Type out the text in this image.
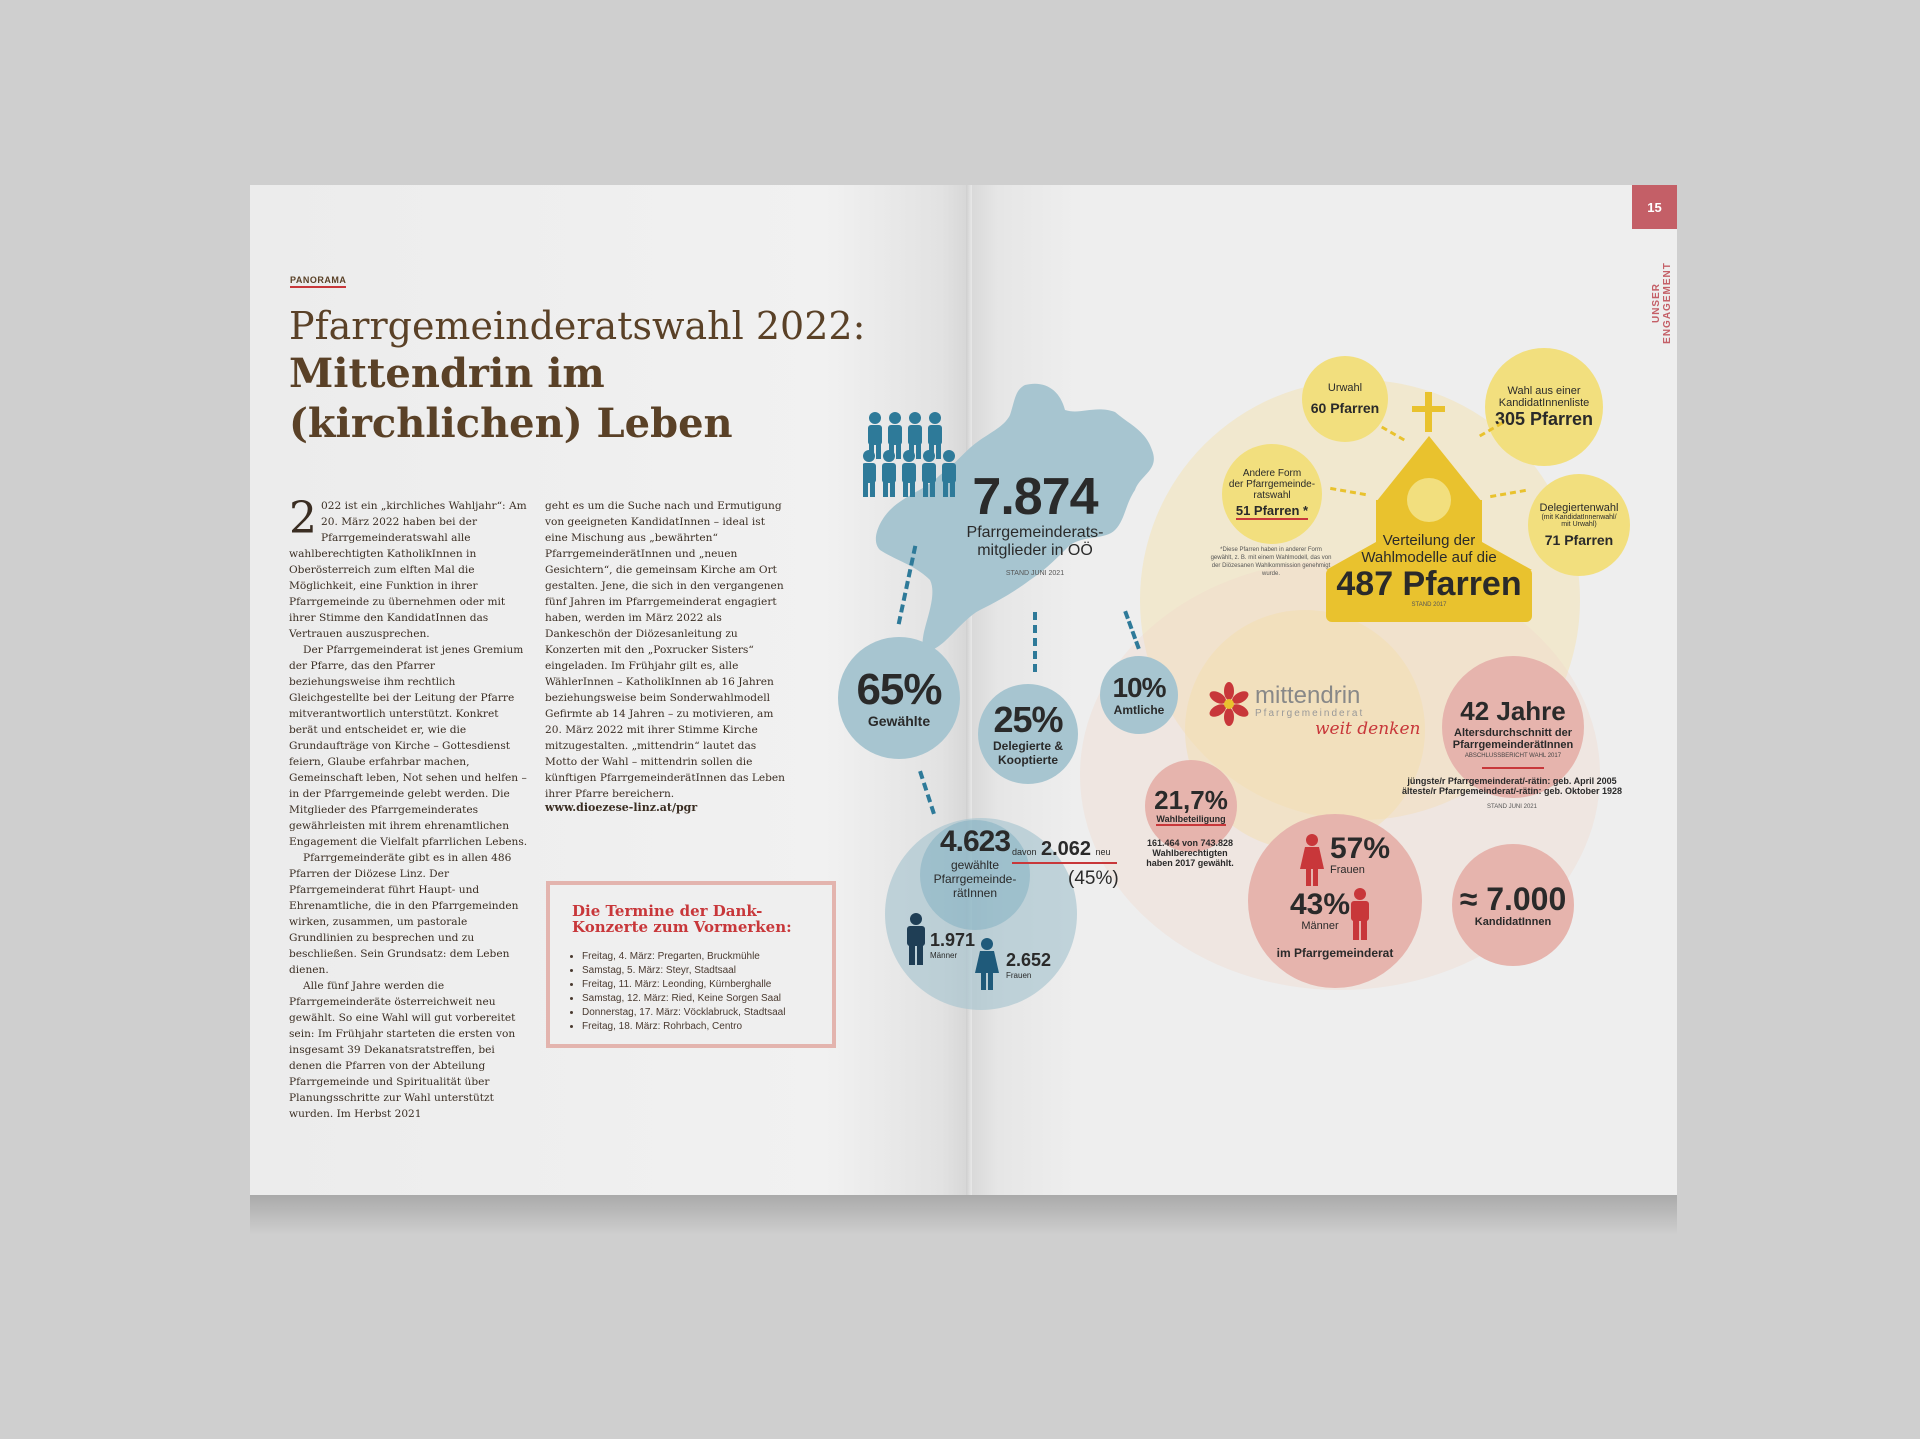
PANORAMA
Pfarrgemeinderatswahl 2022:
Mittendrin im
(kirchlichen) Leben

2 022 ist ein „kirchliches Wahljahr“: Am 20. März 2022 haben bei der Pfarrgemeinderatswahl alle wahlberechtigten KatholikInnen in Oberösterreich zum elften Mal die Möglichkeit, eine Funktion in ihrer Pfarrgemeinde zu übernehmen oder mit ihrer Stimme den KandidatInnen das Vertrauen auszusprechen.

Der Pfarrgemeinderat ist jenes Gremium der Pfarre, das den Pfarrer beziehungsweise ihm rechtlich Gleichgestellte bei der Leitung der Pfarre mitverantwortlich unterstützt. Konkret berät und entscheidet er, wie die Grundaufträge von Kirche – Gottesdienst feiern, Glaube erfahrbar machen, Gemeinschaft leben, Not sehen und helfen – in der Pfarrgemeinde gelebt werden. Die Mitglieder des Pfarrgemeinderates gewährleisten mit ihrem ehrenamtlichen Engagement die Vielfalt pfarrlichen Lebens.

Pfarrgemeinderäte gibt es in allen 486 Pfarren der Diözese Linz. Der Pfarrgemeinderat führt Haupt- und Ehrenamtliche, die in den Pfarrgemeinden wirken, zusammen, um pastorale Grundlinien zu besprechen und zu beschließen. Sein Grundsatz: dem Leben dienen.

Alle fünf Jahre werden die Pfarrgemeinderäte österreichweit neu gewählt. So eine Wahl will gut vorbereitet sein: Im Frühjahr starteten die ersten von insgesamt 39 Dekanatsratstreffen, bei denen die Pfarren von der Abteilung Pfarrgemeinde und Spiritualität über Planungsschritte zur Wahl unterstützt wurden. Im Herbst 2021

geht es um die Suche nach und Ermutigung von geeigneten KandidatInnen – ideal ist eine Mischung aus „bewährten“ PfarrgemeinderätInnen und „neuen Gesichtern“, die gemeinsam Kirche am Ort gestalten. Jene, die sich in den vergangenen fünf Jahren im Pfarrgemeinderat engagiert haben, werden im März 2022 als Dankeschön der Diözesanleitung zu Konzerten mit den „Poxrucker Sisters“ eingeladen. Im Frühjahr gilt es, alle WählerInnen – KatholikInnen ab 16 Jahren beziehungsweise beim Sonderwahlmodell Gefirmte ab 14 Jahren – zu motivieren, am 20. März 2022 mit ihrer Stimme Kirche mitzugestalten. „mittendrin“ lautet das Motto der Wahl – mittendrin sollen die künftigen PfarrgemeinderätInnen das Leben ihrer Pfarre bereichern.

www.dioezese-linz.at/pgr
Die Termine der Dank-
Konzerte zum Vormerken:
• Freitag, 4. März: Pregarten, Bruckmühle
• Samstag, 5. März: Steyr, Stadtsaal
• Freitag, 11. März: Leonding, Kürnberghalle
• Samstag, 12. März: Ried, Keine Sorgen Saal
• Donnerstag, 17. März: Vöcklabruck, Stadtsaal
• Freitag, 18. März: Rohrbach, Centro
15
UNSER ENGAGEMENT
7.874
Pfarrgemeinderats-
mitglieder in OÖ
STAND JUNI 2021
65%
Gewählte 25%
Delegierte &
Kooptierte
10%
Amtliche
4.623
gewählte
Pfarrgemeinde-
rätInnen
davon 2.062 neu
(45%)
1.971
Männer	2.652
Frauen
Urwahl
60 Pfarren
Wahl aus einer
KandidatInnenliste
305 Pfarren
Andere Form
der Pfarrgemeinde-
ratswahl
51 Pfarren *
*Diese Pfarren haben in anderer Form gewählt, z. B. mit einem Wahlmodell, das von der Diözesanen Wahlkommission genehmigt wurde.
Delegiertenwahl
(mit KandidatInnenwahl/ mit Urwahl)
71 Pfarren
Verteilung der
Wahlmodelle auf die
487 Pfarren
STAND 2017
mittendrin
Pfarrgemeinderat
weit denken
42 Jahre
Altersdurchschnitt der
PfarrgemeinderätInnen
ABSCHLUSSBERICHT WAHL 2017
jüngste/r Pfarrgemeinderat/-rätin: geb. April 2005
älteste/r Pfarrgemeinderat/-rätin: geb. Oktober 1928
STAND JUNI 2021
21,7%
Wahlbeteiligung
161.464 von 743.828
Wahlberechtigten
haben 2017 gewählt.	57%
Frauen
43%
Männer
im Pfarrgemeinderat
≈ 7.000
KandidatInnen
